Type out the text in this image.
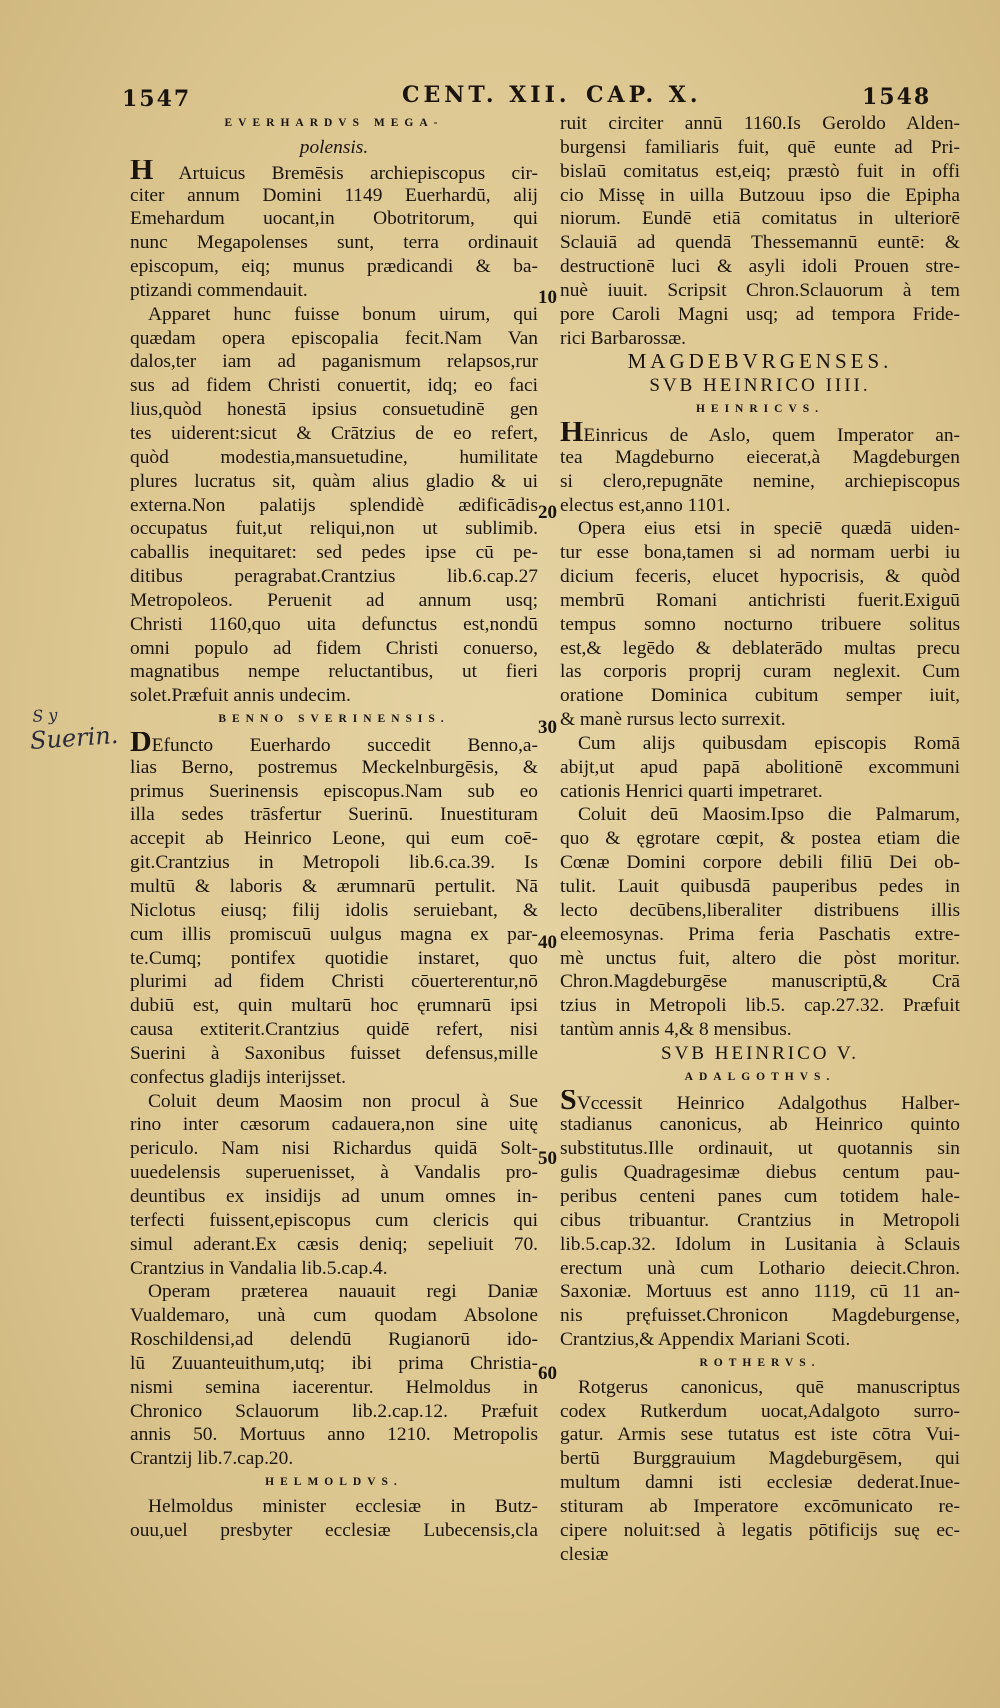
1547	CENT. XII. CAP. X.	1548
S y
Suerin.
EVERHARDVS MEGA-
polensis.
H Artuicus Bremēsis archiepiscopus cir-
citer annum Domini 1149 Euerhardū, alij
Emehardum uocant,in Obotritorum, qui
nunc Megapolenses sunt, terra ordinauit
episcopum, eiq; munus prædicandi & ba-
ptizandi commendauit.
Apparet hunc fuisse bonum uirum, qui
quædam opera episcopalia fecit.Nam Van
dalos,ter iam ad paganismum relapsos,rur
sus ad fidem Christi conuertit, idq; eo faci
lius,quòd honestā ipsius consuetudinē gen
tes uiderent:sicut & Crātzius de eo refert,
quòd modestia,mansuetudine, humilitate
plures lucratus sit, quàm alius gladio & ui
externa.Non palatijs splendidè ædificādis
occupatus fuit,ut reliqui,non ut sublimib.
caballis inequitaret: sed pedes ipse cū pe-
ditibus peragrabat.Crantzius lib.6.cap.27
Metropoleos. Peruenit ad annum usq;
Christi 1160,quo uita defunctus est,nondū
omni populo ad fidem Christi conuerso,
magnatibus nempe reluctantibus, ut fieri
solet.Præfuit annis undecim.
BENNO SVERINENSIS.
DEfuncto Euerhardo succedit Benno,a-
lias Berno, postremus Meckelnburgēsis, &
primus Suerinensis episcopus.Nam sub eo
illa sedes trāsfertur Suerinū. Inuestituram
accepit ab Heinrico Leone, qui eum coē-
git.Crantzius in Metropoli lib.6.ca.39. Is
multū & laboris & ærumnarū pertulit. Nā
Niclotus eiusq; filij idolis seruiebant, &
cum illis promiscuū uulgus magna ex par-
te.Cumq; pontifex quotidie instaret, quo
plurimi ad fidem Christi cōuerterentur,nō
dubiū est, quin multarū hoc ęrumnarū ipsi
causa extiterit.Crantzius quidē refert, nisi
Suerini à Saxonibus fuisset defensus,mille
confectus gladijs interijsset.
Coluit deum Maosim non procul à Sue
rino inter cæsorum cadauera,non sine uitę
periculo. Nam nisi Richardus quidā Solt-
uuedelensis superuenisset, à Vandalis pro-
deuntibus ex insidijs ad unum omnes in-
terfecti fuissent,episcopus cum clericis qui
simul aderant.Ex cæsis deniq; sepeliuit 70.
Crantzius in Vandalia lib.5.cap.4.
Operam præterea nauauit regi Daniæ
Vualdemaro, unà cum quodam Absolone
Roschildensi,ad delendū Rugianorū ido-
lū Zuuanteuithum,utq; ibi prima Christia-
nismi semina iacerentur. Helmoldus in
Chronico Sclauorum lib.2.cap.12. Præfuit
annis 50. Mortuus anno 1210. Metropolis
Crantzij lib.7.cap.20.
HELMOLDVS.
Helmoldus minister ecclesiæ in Butz-
ouu,uel presbyter ecclesiæ Lubecensis,cla
ruit circiter annū 1160.Is Geroldo Alden-
burgensi familiaris fuit, quē eunte ad Pri-
bislaū comitatus est,eiq; præstò fuit in offi
cio Missę in uilla Butzouu ipso die Epipha
niorum. Eundē etiā comitatus in ulteriorē
Sclauiā ad quendā Thessemannū euntē: &
destructionē luci & asyli idoli Prouen stre-
nuè iuuit. Scripsit Chron.Sclauorum à tem
pore Caroli Magni usq; ad tempora Fride-
rici Barbarossæ.
MAGDEBVRGENSES.
SVB HEINRICO IIII.
HEINRICVS.
HEinricus de Aslo, quem Imperator an-
tea Magdeburno eiecerat,à Magdeburgen
si clero,repugnāte nemine, archiepiscopus
electus est,anno 1101.
Opera eius etsi in speciē quædā uiden-
tur esse bona,tamen si ad normam uerbi iu
dicium feceris, elucet hypocrisis, & quòd
membrū Romani antichristi fuerit.Exiguū
tempus somno nocturno tribuere solitus
est,& legēdo & deblaterādo multas precu
las corporis proprij curam neglexit. Cum
oratione Dominica cubitum semper iuit,
& manè rursus lecto surrexit.
Cum alijs quibusdam episcopis Romā
abijt,ut apud papā abolitionē excommuni
cationis Henrici quarti impetraret.
Coluit deū Maosim.Ipso die Palmarum,
quo & ęgrotare cœpit, & postea etiam die
Cœnæ Domini corpore debili filiū Dei ob-
tulit. Lauit quibusdā pauperibus pedes in
lecto decūbens,liberaliter distribuens illis
eleemosynas. Prima feria Paschatis extre-
mè unctus fuit, altero die pòst moritur.
Chron.Magdeburgēse manuscriptū,& Crā
tzius in Metropoli lib.5. cap.27.32. Præfuit
tantùm annis 4,& 8 mensibus.
SVB HEINRICO V.
ADALGOTHVS.
SVccessit Heinrico Adalgothus Halber-
stadianus canonicus, ab Heinrico quinto
substitutus.Ille ordinauit, ut quotannis sin
gulis Quadragesimæ diebus centum pau-
peribus centeni panes cum totidem hale-
cibus tribuantur. Crantzius in Metropoli
lib.5.cap.32. Idolum in Lusitania à Sclauis
erectum unà cum Lothario deiecit.Chron.
Saxoniæ. Mortuus est anno 1119, cū 11 an-
nis pręfuisset.Chronicon Magdeburgense,
Crantzius,& Appendix Mariani Scoti.
ROTHERVS.
Rotgerus canonicus, quē manuscriptus
codex Rutkerdum uocat,Adalgoto surro-
gatur. Armis sese tutatus est iste cōtra Vui-
bertū Burggrauium Magdeburgēsem, qui
multum damni isti ecclesiæ dederat.Inue-
stituram ab Imperatore excōmunicato re-
cipere noluit:sed à legatis pōtificijs suę ec-
clesiæ
10
20
30
40
50
60
